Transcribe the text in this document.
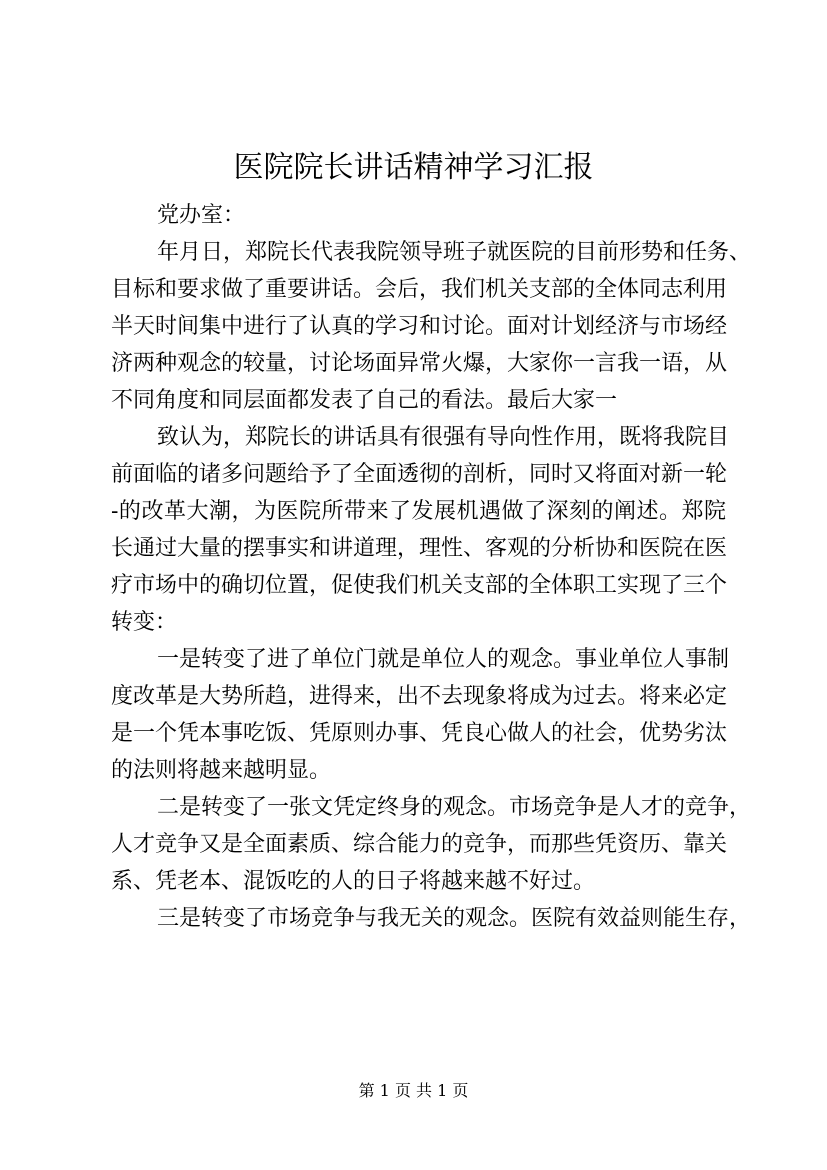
医院院长讲话精神学习汇报
党办室：
年月日，郑院长代表我院领导班子就医院的目前形势和任务、
目标和要求做了重要讲话。会后，我们机关支部的全体同志利用
半天时间集中进行了认真的学习和讨论。面对计划经济与市场经
济两种观念的较量，讨论场面异常火爆，大家你一言我一语，从
不同角度和同层面都发表了自己的看法。最后大家一
致认为，郑院长的讲话具有很强有导向性作用，既将我院目
前面临的诸多问题给予了全面透彻的剖析，同时又将面对新一轮
-的改革大潮，为医院所带来了发展机遇做了深刻的阐述。郑院
长通过大量的摆事实和讲道理，理性、客观的分析协和医院在医
疗市场中的确切位置，促使我们机关支部的全体职工实现了三个
转变：
一是转变了进了单位门就是单位人的观念。事业单位人事制
度改革是大势所趋，进得来，出不去现象将成为过去。将来必定
是一个凭本事吃饭、凭原则办事、凭良心做人的社会，优势劣汰
的法则将越来越明显。
二是转变了一张文凭定终身的观念。市场竞争是人才的竞争，
人才竞争又是全面素质、综合能力的竞争，而那些凭资历、靠关
系、凭老本、混饭吃的人的日子将越来越不好过。
三是转变了市场竞争与我无关的观念。医院有效益则能生存，
第 1 页 共 1 页
